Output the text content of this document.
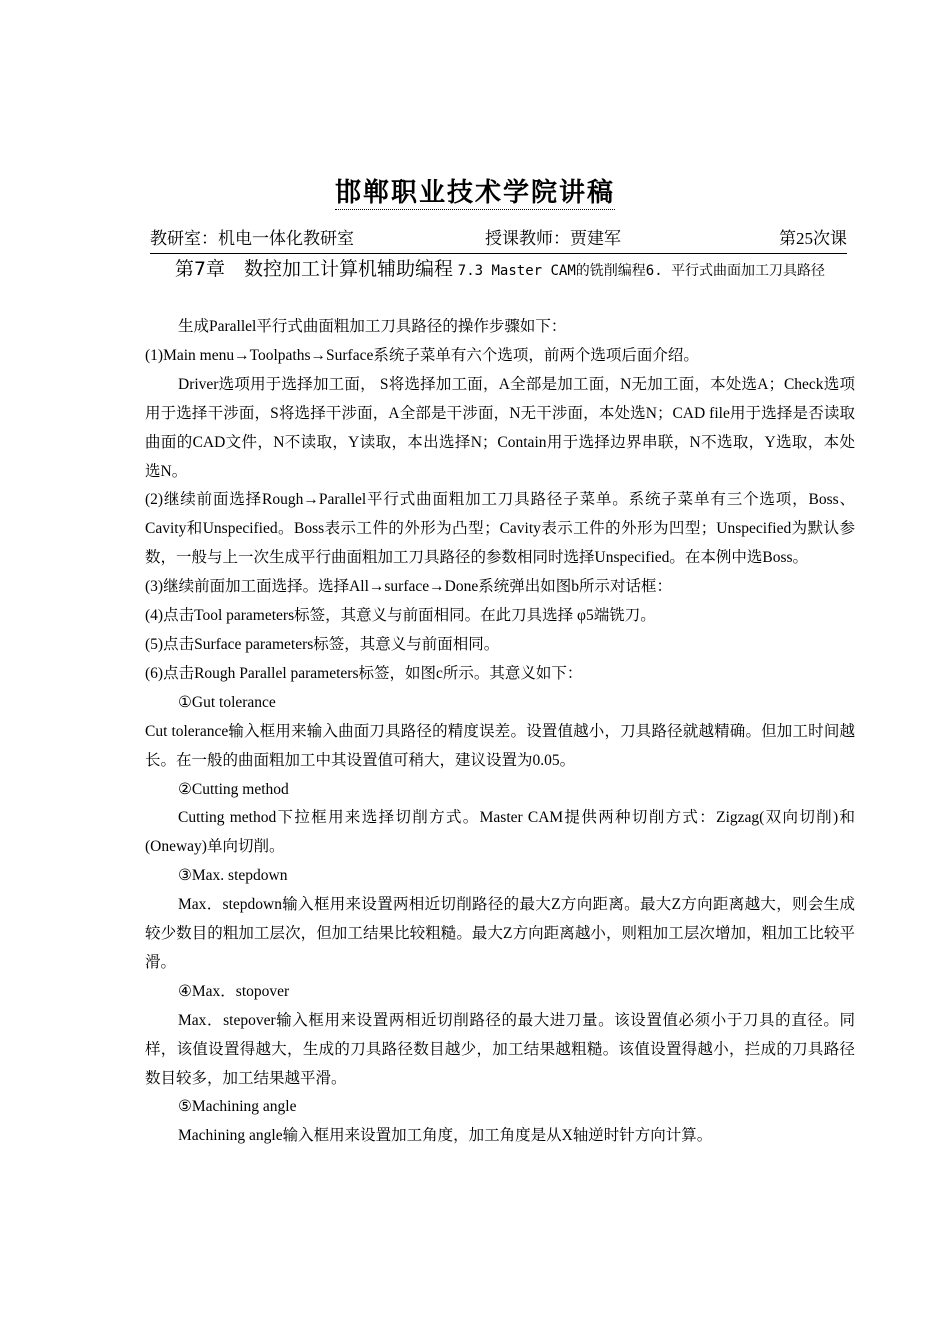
邯郸职业技术学院讲稿
教研室：机电一体化教研室	授课教师：贾建军	第25次课
第7章　数控加工计算机辅助编程 7.3 Master CAM的铣削编程6. 平行式曲面加工刀具路径

生成Parallel平行式曲面粗加工刀具路径的操作步骤如下：

(1)Main menu→Toolpaths→Surface系统子菜单有六个选项，前两个选项后面介绍。

Driver选项用于选择加工面， S将选择加工面，A全部是加工面，N无加工面，本处选A；Check选项用于选择干涉面，S将选择干涉面，A全部是干涉面，N无干涉面，本处选N；CAD file用于选择是否读取曲面的CAD文件，N不读取，Y读取，本出选择N；Contain用于选择边界串联，N不选取，Y选取，本处选N。

(2)继续前面选择Rough→Parallel平行式曲面粗加工刀具路径子菜单。系统子菜单有三个选项，Boss、Cavity和Unspecified。Boss表示工件的外形为凸型；Cavity表示工件的外形为凹型；Unspecified为默认参数，一般与上一次生成平行曲面粗加工刀具路径的参数相同时选择Unspecified。在本例中选Boss。

(3)继续前面加工面选择。选择All→surface→Done系统弹出如图b所示对话框：

(4)点击Tool parameters标签，其意义与前面相同。在此刀具选择 φ5端铣刀。

(5)点击Surface parameters标签，其意义与前面相同。

(6)点击Rough Parallel parameters标签，如图c所示。其意义如下：

①Gut tolerance

Cut tolerance输入框用来输入曲面刀具路径的精度误差。设置值越小，刀具路径就越精确。但加工时间越长。在一般的曲面粗加工中其设置值可稍大，建议设置为0.05。

②Cutting method

Cutting method下拉框用来选择切削方式。Master CAM提供两种切削方式：Zigzag(双向切削)和(Oneway)单向切削。

③Max. stepdown

Max．stepdown输入框用来设置两相近切削路径的最大Z方向距离。最大Z方向距离越大，则会生成较少数目的粗加工层次，但加工结果比较粗糙。最大Z方向距离越小，则粗加工层次增加，粗加工比较平滑。

④Max．stopover

Max．stepover输入框用来设置两相近切削路径的最大进刀量。该设置值必须小于刀具的直径。同样，该值设置得越大，生成的刀具路径数目越少，加工结果越粗糙。该值设置得越小，拦成的刀具路径数目较多，加工结果越平滑。

⑤Machining angle

Machining angle输入框用来设置加工角度，加工角度是从X轴逆时针方向计算。
